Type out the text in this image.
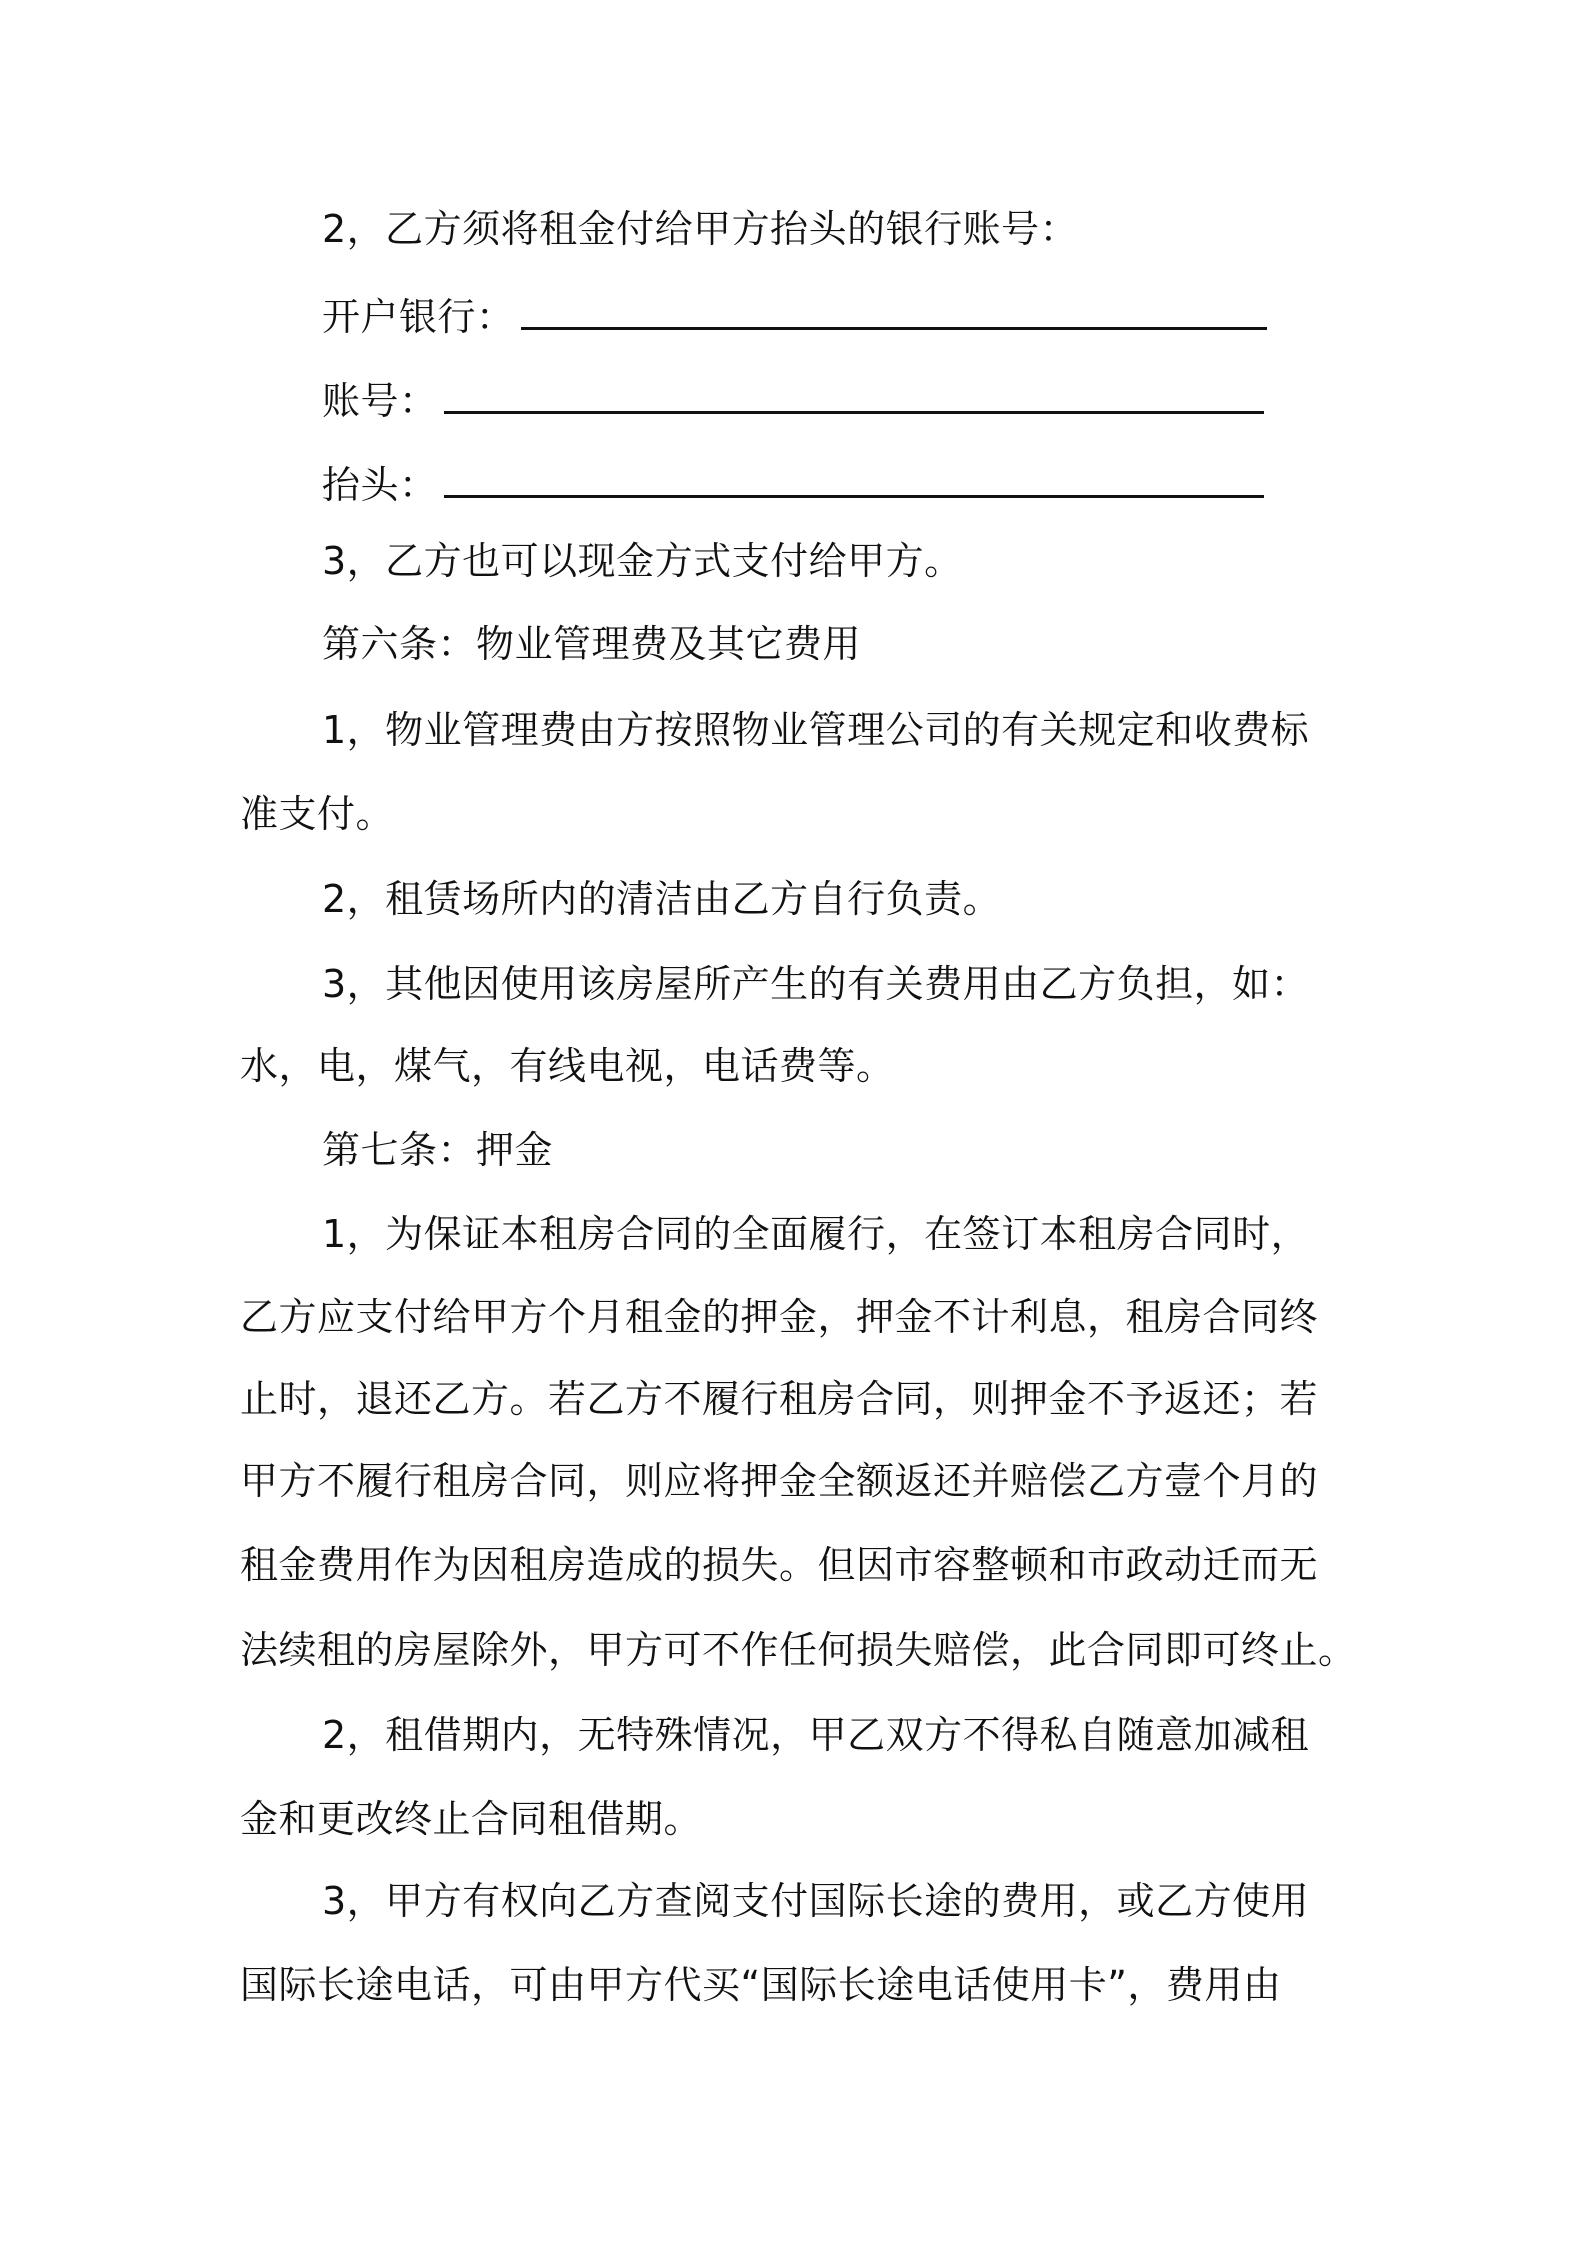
2，乙方须将租金付给甲方抬头的银行账号：
开户银行：
账号：
抬头：
3，乙方也可以现金方式支付给甲方。
第六条：物业管理费及其它费用
1，物业管理费由方按照物业管理公司的有关规定和收费标
准支付。
2，租赁场所内的清洁由乙方自行负责。
3，其他因使用该房屋所产生的有关费用由乙方负担，如：
水，电，煤气，有线电视，电话费等。
第七条：押金
1，为保证本租房合同的全面履行，在签订本租房合同时，
乙方应支付给甲方个月租金的押金，押金不计利息，租房合同终
止时，退还乙方。若乙方不履行租房合同，则押金不予返还；若
甲方不履行租房合同，则应将押金全额返还并赔偿乙方壹个月的
租金费用作为因租房造成的损失。但因市容整顿和市政动迁而无
法续租的房屋除外，甲方可不作任何损失赔偿，此合同即可终止。
2，租借期内，无特殊情况，甲乙双方不得私自随意加减租
金和更改终止合同租借期。
3，甲方有权向乙方查阅支付国际长途的费用，或乙方使用
国际长途电话，可由甲方代买“国际长途电话使用卡”，费用由
